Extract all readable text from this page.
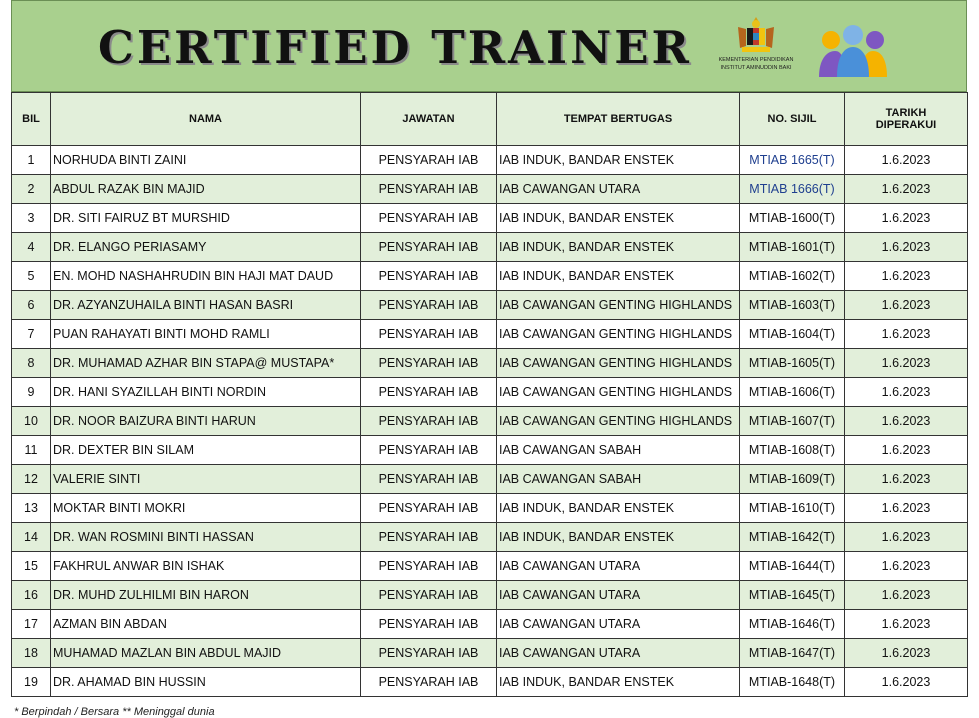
CERTIFIED TRAINER	KEMENTERIAN PENDIDIKAN
INSTITUT AMINUDDIN BAKI
BIL	NAMA	JAWATAN	TEMPAT BERTUGAS	NO. SIJIL	TARIKH
DIPERAKUI
1	NORHUDA BINTI ZAINI	PENSYARAH IAB	IAB INDUK, BANDAR ENSTEK	MTIAB 1665(T)	1.6.2023
2	ABDUL RAZAK BIN MAJID	PENSYARAH IAB	IAB CAWANGAN UTARA	MTIAB 1666(T)	1.6.2023
3	DR. SITI FAIRUZ BT MURSHID	PENSYARAH IAB	IAB INDUK, BANDAR ENSTEK	MTIAB-1600(T)	1.6.2023
4	DR. ELANGO PERIASAMY	PENSYARAH IAB	IAB INDUK, BANDAR ENSTEK	MTIAB-1601(T)	1.6.2023
5	EN. MOHD NASHAHRUDIN BIN HAJI MAT DAUD	PENSYARAH IAB	IAB INDUK, BANDAR ENSTEK	MTIAB-1602(T)	1.6.2023
6	DR. AZYANZUHAILA BINTI HASAN BASRI	PENSYARAH IAB	IAB CAWANGAN GENTING HIGHLANDS	MTIAB-1603(T)	1.6.2023
7	PUAN RAHAYATI BINTI MOHD RAMLI	PENSYARAH IAB	IAB CAWANGAN GENTING HIGHLANDS	MTIAB-1604(T)	1.6.2023
8	DR. MUHAMAD AZHAR BIN STAPA@ MUSTAPA*	PENSYARAH IAB	IAB CAWANGAN GENTING HIGHLANDS	MTIAB-1605(T)	1.6.2023
9	DR. HANI SYAZILLAH BINTI NORDIN	PENSYARAH IAB	IAB CAWANGAN GENTING HIGHLANDS	MTIAB-1606(T)	1.6.2023
10	DR. NOOR BAIZURA BINTI HARUN	PENSYARAH IAB	IAB CAWANGAN GENTING HIGHLANDS	MTIAB-1607(T)	1.6.2023
11	DR. DEXTER BIN SILAM	PENSYARAH IAB	IAB CAWANGAN SABAH	MTIAB-1608(T)	1.6.2023
12	VALERIE SINTI	PENSYARAH IAB	IAB CAWANGAN SABAH	MTIAB-1609(T)	1.6.2023
13	MOKTAR BINTI MOKRI	PENSYARAH IAB	IAB INDUK, BANDAR ENSTEK	MTIAB-1610(T)	1.6.2023
14	DR. WAN ROSMINI BINTI HASSAN	PENSYARAH IAB	IAB INDUK, BANDAR ENSTEK	MTIAB-1642(T)	1.6.2023
15	FAKHRUL ANWAR BIN ISHAK	PENSYARAH IAB	IAB CAWANGAN UTARA	MTIAB-1644(T)	1.6.2023
16	DR. MUHD ZULHILMI BIN HARON	PENSYARAH IAB	IAB CAWANGAN UTARA	MTIAB-1645(T)	1.6.2023
17	AZMAN BIN ABDAN	PENSYARAH IAB	IAB CAWANGAN UTARA	MTIAB-1646(T)	1.6.2023
18	MUHAMAD MAZLAN BIN ABDUL MAJID	PENSYARAH IAB	IAB CAWANGAN UTARA	MTIAB-1647(T)	1.6.2023
19	DR. AHAMAD BIN HUSSIN	PENSYARAH IAB	IAB INDUK, BANDAR ENSTEK	MTIAB-1648(T)	1.6.2023
* Berpindah / Bersara ** Meninggal dunia
